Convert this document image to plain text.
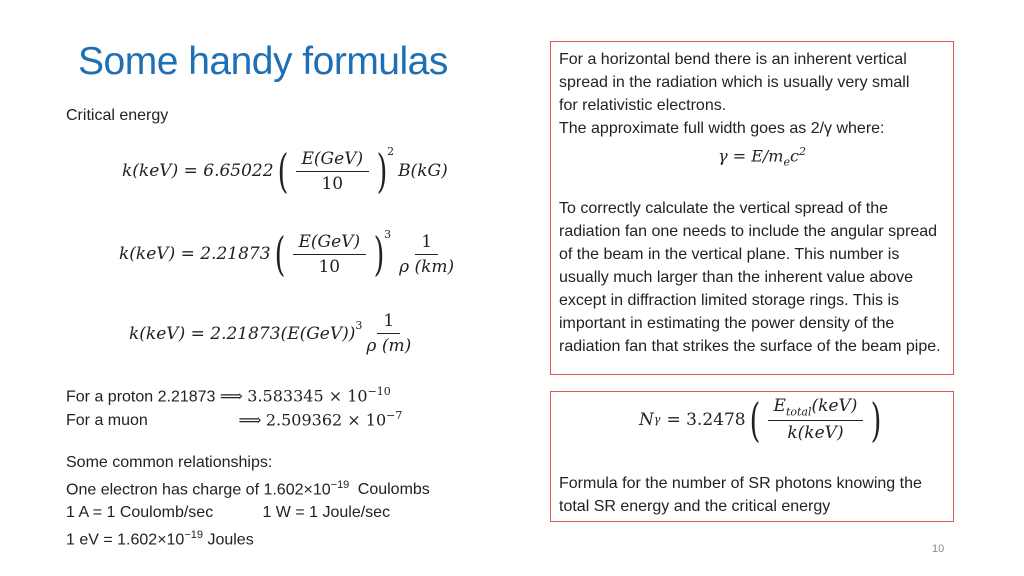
Some handy formulas
Critical energy
k(keV) = 6.65022 ( $\frac{\text{E(GeV)}}{10}$ ) 2
B(kG)
k(keV) = 2.21873 ( $\frac{\text{E(GeV)}}{10}$ ) $3 \frac{1}{\rho (km)}$
k(keV) = 2.21873(E(GeV)) $3 \frac{1}{\rho (m)}$
For a proton 2.21873 ⟹ $3.583345 \times 10^{-10}$
For a muon	⟹ $2.509362 \times 10^{-7}$
Some common relationships:
One electron has charge of $1.602\times 10^{-19}$ Coulombs
1 A = 1 Coulomb/sec	1 W = 1 Joule/sec
1 eV = $1.602\times 10^{-19}$ Joules
For a horizontal bend there is an inherent vertical
spread in the radiation which is usually very small
for relativistic electrons.
The approximate full width goes as 2/γ where:
$\gamma = E/m_ec^2$
To correctly calculate the vertical spread of the radiation fan one needs to include the angular spread of the beam in the vertical plane. This number is usually much larger than the inherent value above except in diffraction limited storage rings. This is important in estimating the power density of the radiation fan that strikes the surface of the beam pipe.
N γ = 3.2478 ( $\frac{E_{total}(keV)}{\text{k(keV)}}$ )
Formula for the number of SR photons knowing the total SR energy and the critical energy
10
